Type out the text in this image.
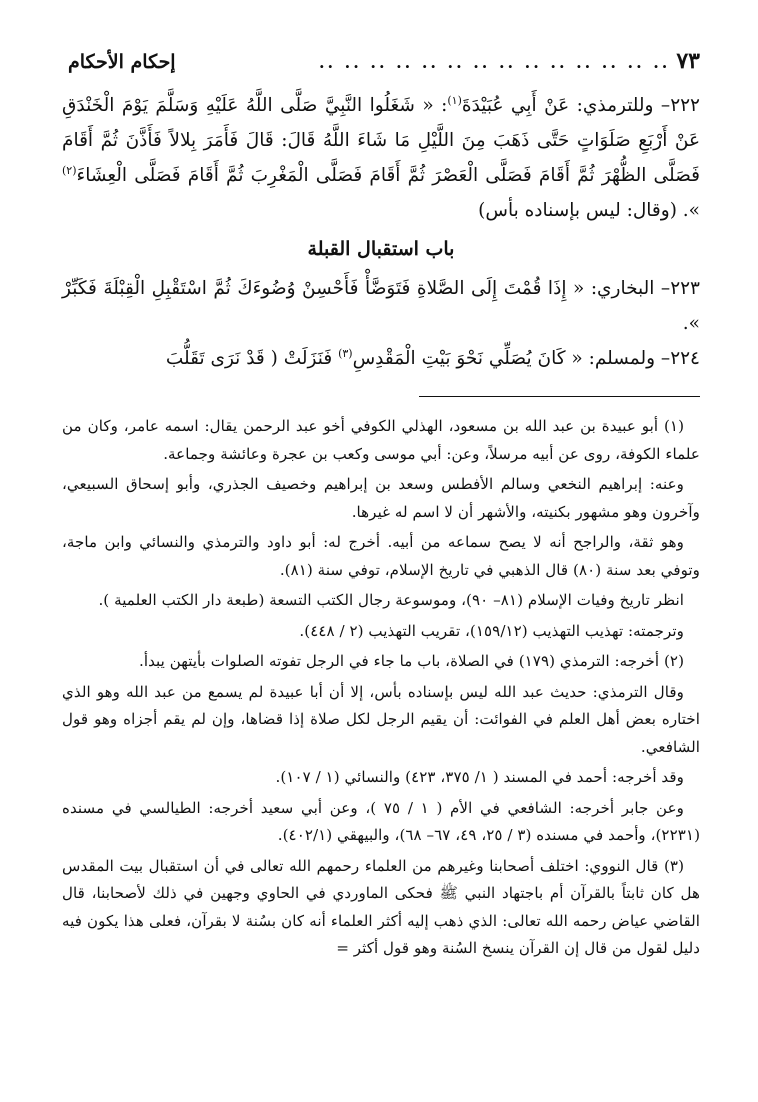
٧٣
.. .. .. .. .. .. .. .. .. .. .. .. .. ..
إحكام الأحكام

٢٢٢– وللترمذي: عَنْ أَبِي عُبَيْدَةَ$^{(١)}$: « شَغَلُوا النَّبِيَّ صَلَّى اللَّهُ عَلَيْهِ وَسَلَّمَ يَوْمَ الْخَنْدَقِ عَنْ أَرْبَعِ صَلَوَاتٍ حَتَّى ذَهَبَ مِنَ اللَّيْلِ مَا شَاءَ اللَّهُ قَالَ: قَالَ فَأَمَرَ بِلالاً فَأَذَّنَ ثُمَّ أَقَامَ فَصَلَّى الظُّهْرَ ثُمَّ أَقَامَ فَصَلَّى الْعَصْرَ ثُمَّ أَقَامَ فَصَلَّى الْمَغْرِبَ ثُمَّ أَقَامَ فَصَلَّى الْعِشَاءَ$^{(٢)}$ ». (وقال: ليس بإسناده بأس)

باب استقبال القبلة

٢٢٣– البخاري: « إِذَا قُمْتَ إِلَى الصَّلاةِ فَتَوَضَّأْ فَأَحْسِنْ وُضُوءَكَ ثُمَّ اسْتَقْبِلِ الْقِبْلَةَ فَكَبِّرْ ».

٢٢٤– ولمسلم: « كَانَ يُصَلِّي نَحْوَ بَيْتِ الْمَقْدِسِ$^{(٣)}$ فَنَزَلَتْ ( قَدْ نَرَى تَقَلُّبَ

(١) أبو عبيدة بن عبد الله بن مسعود، الهذلي الكوفي أخو عبد الرحمن يقال: اسمه عامر، وكان من علماء الكوفة، روى عن أبيه مرسلاً، وعن: أبي موسى وكعب بن عجرة وعائشة وجماعة.

وعنه: إبراهيم النخعي وسالم الأفطس وسعد بن إبراهيم وخصيف الجذري، وأبو إسحاق السبيعي، وآخرون وهو مشهور بكنيته، والأشهر أن لا اسم له غيرها.

وهو ثقة، والراجح أنه لا يصح سماعه من أبيه. أخرج له: أبو داود والترمذي والنسائي وابن ماجة، وتوفي بعد سنة (٨٠) قال الذهبي في تاريخ الإسلام، توفي سنة (٨١).

انظر تاريخ وفيات الإسلام (٨١– ٩٠)، وموسوعة رجال الكتب التسعة (طبعة دار الكتب العلمية ).

وترجمته: تهذيب التهذيب (١٥٩/١٢)، تقريب التهذيب (٢ / ٤٤٨).

(٢) أخرجه: الترمذي (١٧٩) في الصلاة، باب ما جاء في الرجل تفوته الصلوات بأيتهن يبدأ.

وقال الترمذي: حديث عبد الله ليس بإسناده بأس، إلا أن أبا عبيدة لم يسمع من عبد الله وهو الذي اختاره بعض أهل العلم في الفوائت: أن يقيم الرجل لكل صلاة إذا قضاها، وإن لم يقم أجزاه وهو قول الشافعي.

وقد أخرجه: أحمد في المسند ( ١/ ٣٧٥، ٤٢٣) والنسائي (١ / ١٠٧).

وعن جابر أخرجه: الشافعي في الأم ( ١ / ٧٥ )، وعن أبي سعيد أخرجه: الطيالسي في مسنده (٢٢٣١)، وأحمد في مسنده (٣ / ٢٥، ٤٩، ٦٧– ٦٨)، والبيهقي (٤٠٢/١).

(٣) قال النووي: اختلف أصحابنا وغيرهم من العلماء رحمهم الله تعالى في أن استقبال بيت المقدس هل كان ثابتاً بالقرآن أم باجتهاد النبي ﷺ فحكى الماوردي في الحاوي وجهين في ذلك لأصحابنا، قال القاضي عياض رحمه الله تعالى: الذي ذهب إليه أكثر العلماء أنه كان بسُنة لا بقرآن، فعلى هذا يكون فيه دليل لقول من قال إن القرآن ينسخ السُنة وهو قول أكثر =
